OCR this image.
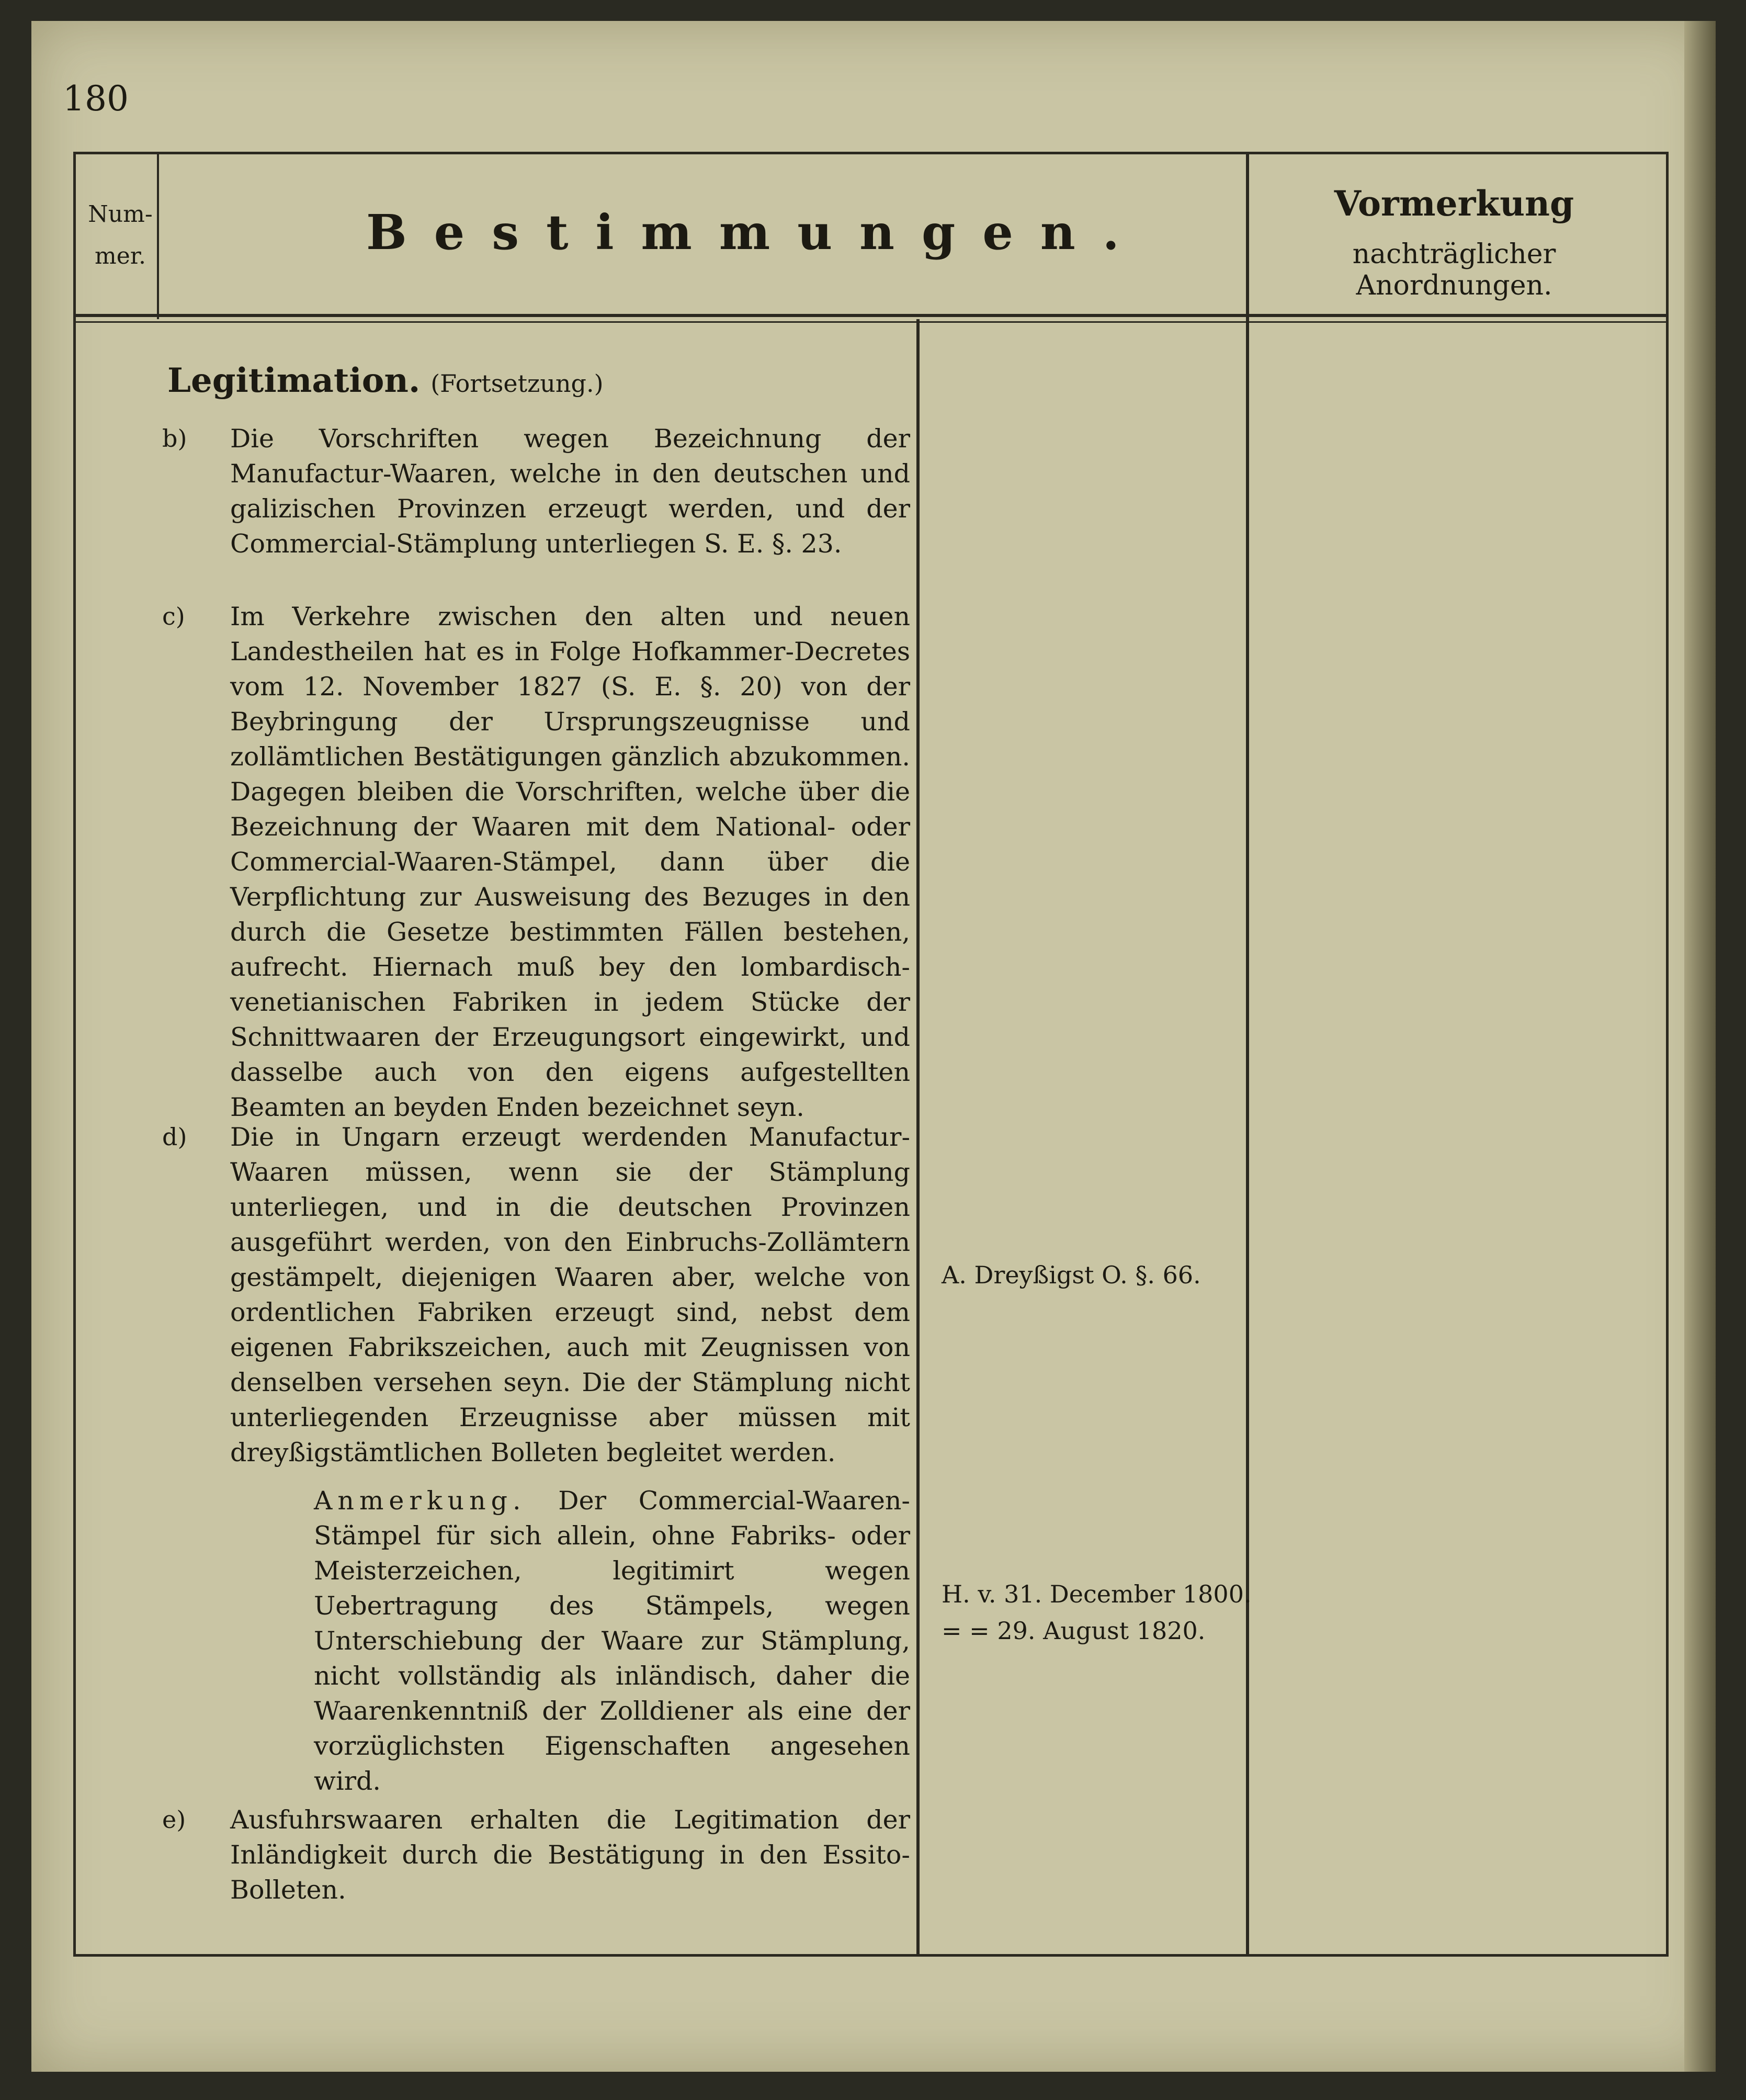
180
Num-
mer.	Bestimmungen.
Vormerkung
nachträglicher Anordnungen.
Legitimation. (Fortsetzung.)
b) Die Vorschriften wegen Bezeichnung der Manufactur-Waaren, welche in den deutschen und galizischen Provinzen erzeugt werden, und der Commercial-Stämplung unterliegen S. E. §. 23.
c) Im Verkehre zwischen den alten und neuen Landestheilen hat es in Folge Hofkammer-Decretes vom 12. November 1827 (S. E. §. 20) von der Beybringung der Ursprungszeugnisse und zollämtlichen Bestätigungen gänzlich abzukommen. Dagegen bleiben die Vorschriften, welche über die Bezeichnung der Waaren mit dem National- oder Commercial-Waaren-Stämpel, dann über die Verpflichtung zur Ausweisung des Bezuges in den durch die Gesetze bestimmten Fällen bestehen, aufrecht. Hiernach muß bey den lombardisch-venetianischen Fabriken in jedem Stücke der Schnittwaaren der Erzeugungsort eingewirkt, und dasselbe auch von den eigens aufgestellten Beamten an beyden Enden bezeichnet seyn.
d) Die in Ungarn erzeugt werdenden Manufactur-Waaren müssen, wenn sie der Stämplung unterliegen, und in die deutschen Provinzen ausgeführt werden, von den Einbruchs-Zollämtern gestämpelt, diejenigen Waaren aber, welche von ordentlichen Fabriken erzeugt sind, nebst dem eigenen Fabrikszeichen, auch mit Zeugnissen von denselben versehen seyn. Die der Stämplung nicht unterliegenden Erzeugnisse aber müssen mit dreyßigstämtlichen Bolleten begleitet werden.
Anmerkung. Der Commercial-Waaren-Stämpel für sich allein, ohne Fabriks- oder Meisterzeichen, legitimirt wegen Uebertragung des Stämpels, wegen Unterschiebung der Waare zur Stämplung, nicht vollständig als inländisch, daher die Waarenkenntniß der Zolldiener als eine der vorzüglichsten Eigenschaften angesehen wird.
e) Ausfuhrswaaren erhalten die Legitimation der Inländigkeit durch die Bestätigung in den Essito-Bolleten.
A. Dreyßigst O. §. 66.
H. v. 31. December 1800.
= = 29. August 1820.
